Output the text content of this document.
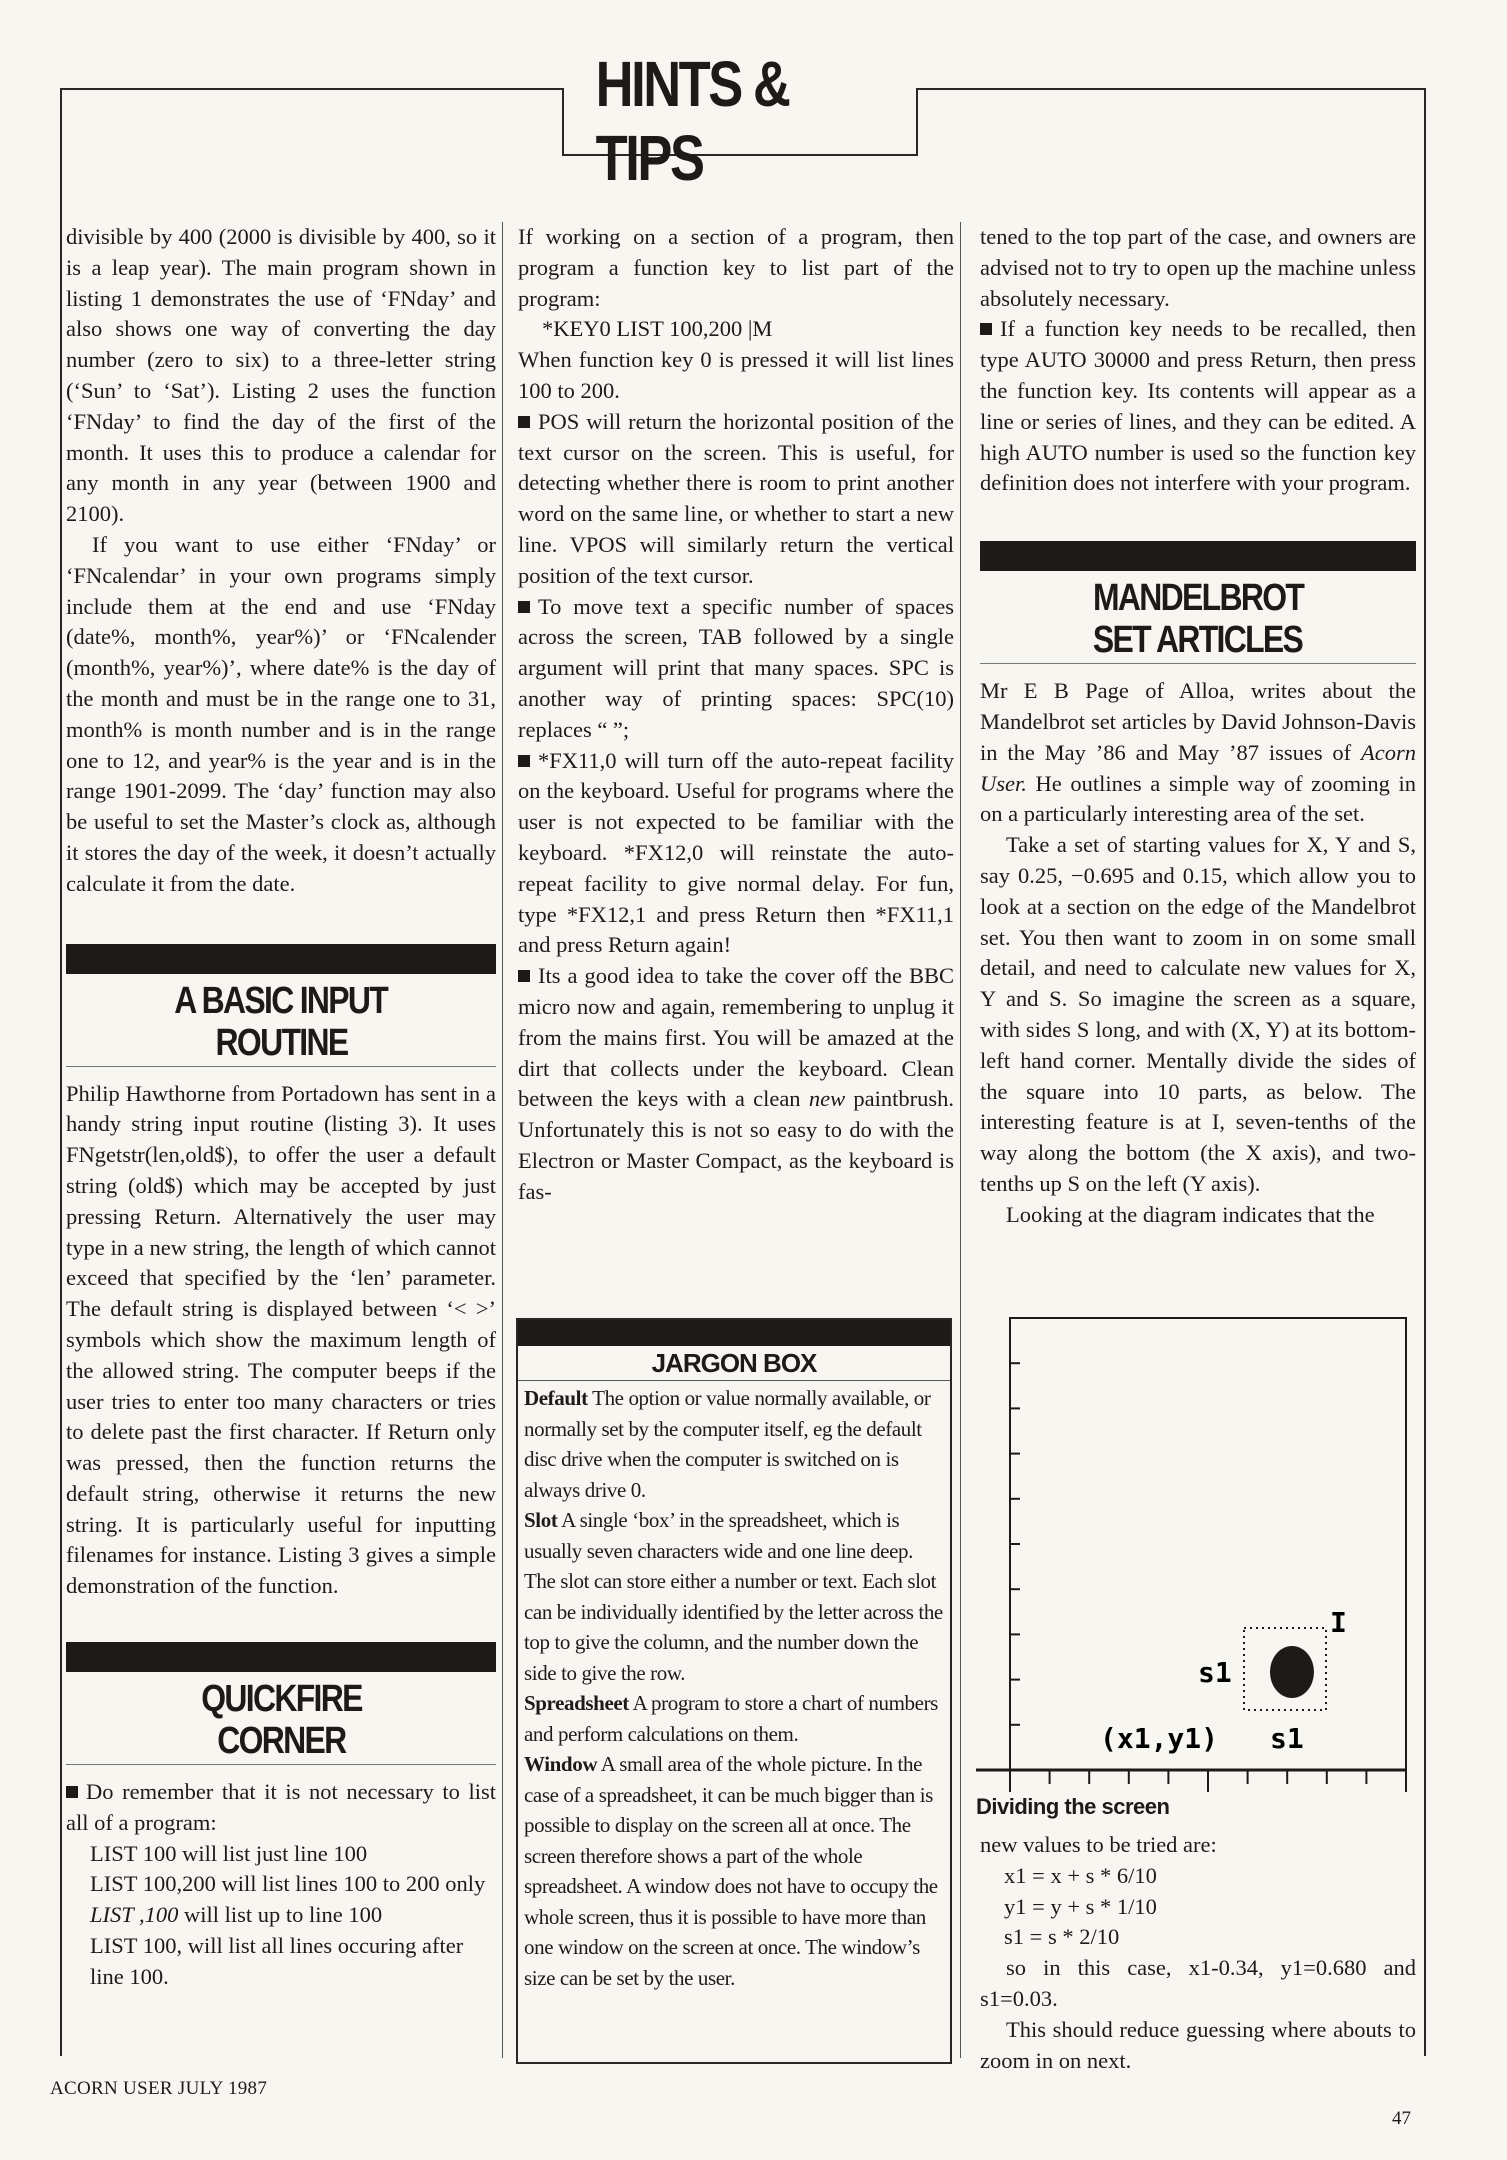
HINTS & TIPS

divisible by 400 (2000 is divisible by 400, so it is a leap year). The main program shown in listing 1 demonstrates the use of ‘FNday’ and also shows one way of converting the day number (zero to six) to a three-letter string (‘Sun’ to ‘Sat’). Listing 2 uses the function ‘FNday’ to find the day of the first of the month. It uses this to produce a calendar for any month in any year (between 1900 and 2100).

If you want to use either ‘FNday’ or ‘FNcalendar’ in your own programs simply include them at the end and use ‘FNday (date%, month%, year%)’ or ‘FNcalender (month%, year%)’, where date% is the day of the month and must be in the range one to 31, month% is month number and is in the range one to 12, and year% is the year and is in the range 1901-2099. The ‘day’ function may also be useful to set the Master’s clock as, although it stores the day of the week, it doesn’t actually calculate it from the date.

A BASIC INPUT
ROUTINE

Philip Hawthorne from Portadown has sent in a handy string input routine (listing 3). It uses FNgetstr(len,old$), to offer the user a default string (old$) which may be accepted by just pressing Return. Alternatively the user may type in a new string, the length of which cannot exceed that specified by the ‘len’ parameter. The default string is displayed between ‘< >’ symbols which show the maximum length of the allowed string. The computer beeps if the user tries to enter too many characters or tries to delete past the first character. If Return only was pressed, then the function returns the default string, otherwise it returns the new string. It is particularly useful for inputting filenames for instance. Listing 3 gives a simple demonstration of the function.

QUICKFIRE
CORNER

Do remember that it is not necessary to list all of a program:

LIST 100 will list just line 100

LIST 100,200 will list lines 100 to 200 only

LIST ,100 will list up to line 100

LIST 100, will list all lines occuring after line 100.

If working on a section of a program, then program a function key to list part of the program:

*KEY0 LIST 100,200 |M

When function key 0 is pressed it will list lines 100 to 200.

POS will return the horizontal position of the text cursor on the screen. This is useful, for detecting whether there is room to print another word on the same line, or whether to start a new line. VPOS will similarly return the vertical position of the text cursor.

To move text a specific number of spaces across the screen, TAB followed by a single argument will print that many spaces. SPC is another way of printing spaces: SPC(10) replaces “ ”;

*FX11,0 will turn off the auto-repeat facility on the keyboard. Useful for programs where the user is not expected to be familiar with the keyboard. *FX12,0 will reinstate the auto-repeat facility to give normal delay. For fun, type *FX12,1 and press Return then *FX11,1 and press Return again!

Its a good idea to take the cover off the BBC micro now and again, remembering to unplug it from the mains first. You will be amazed at the dirt that collects under the keyboard. Clean between the keys with a clean new paintbrush. Unfortunately this is not so easy to do with the Electron or Master Compact, as the keyboard is fas-

JARGON BOX
Default The option or value normally available, or normally set by the computer itself, eg the default disc drive when the computer is switched on is always drive 0.
Slot A single ‘box’ in the spreadsheet, which is usually seven characters wide and one line deep. The slot can store either a number or text. Each slot can be individually identified by the letter across the top to give the column, and the number down the side to give the row.
Spreadsheet A program to store a chart of numbers and perform calculations on them.
Window A small area of the whole picture. In the case of a spreadsheet, it can be much bigger than is possible to display on the screen all at once. The screen therefore shows a part of the whole spreadsheet. A window does not have to occupy the whole screen, thus it is possible to have more than one window on the screen at once. The window’s size can be set by the user.

tened to the top part of the case, and owners are advised not to try to open up the machine unless absolutely necessary.

If a function key needs to be recalled, then type AUTO 30000 and press Return, then press the function key. Its contents will appear as a line or series of lines, and they can be edited. A high AUTO number is used so the function key definition does not interfere with your program.

MANDELBROT
SET ARTICLES

Mr E B Page of Alloa, writes about the Mandelbrot set articles by David Johnson-Davis in the May ’86 and May ’87 issues of Acorn User. He outlines a simple way of zooming in on a particularly interesting area of the set.

Take a set of starting values for X, Y and S, say 0.25, −0.695 and 0.15, which allow you to look at a section on the edge of the Mandelbrot set. You then want to zoom in on some small detail, and need to calculate new values for X, Y and S. So imagine the screen as a square, with sides S long, and with (X, Y) at its bottom-left hand corner. Mentally divide the sides of the square into 10 parts, as below. The interesting feature is at I, seven-tenths of the way along the bottom (the X axis), and two-tenths up S on the left (Y axis).

Looking at the diagram indicates that the

I
s1
(x1,y1) s1
Dividing the screen

new values to be tried are:

x1 = x + s * 6/10

y1 = y + s * 1/10

s1 = s * 2/10

so in this case, x1-0.34, y1=0.680 and s1=0.03.

This should reduce guessing where abouts to zoom in on next.

ACORN USER JULY 1987
47
